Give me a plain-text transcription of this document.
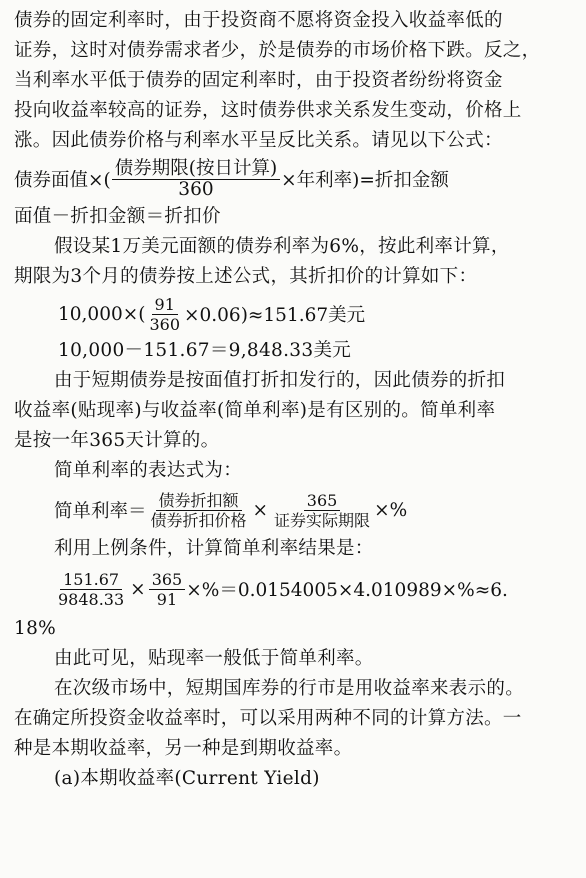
债券的固定利率时，由于投资商不愿将资金投入收益率低的
证券，这时对债券需求者少，於是债券的市场价格下跌。反之，
当利率水平低于债券的固定利率时，由于投资者纷纷将资金
投向收益率较高的证券，这时债券供求关系发生变动，价格上
涨。因此债券价格与利率水平呈反比关系。请见以下公式：
债券面值×( $\frac{\text{债券期限(按日计算)}}{360}$ ×年利率)=折扣金额
面值－折扣金额＝折扣价
假设某1万美元面额的债券利率为6%，按此利率计算，
期限为3个月的债券按上述公式，其折扣价的计算如下：
$10,000\times( \frac{91}{360} \times 0.06)\approx 151.67$美元
10,000－151.67＝9,848.33美元
由于短期债券是按面值打折扣发行的，因此债券的折扣
收益率(贴现率)与收益率(简单利率)是有区别的。简单利率
是按一年365天计算的。
简单利率的表达式为：
简单利率＝ $\frac{\text{债券折扣额}}{\text{债券折扣价格}} \times \frac{365}{\text{证券实际期限}}$ ×%
利用上例条件，计算简单利率结果是：
$\frac{151.67}{9848.33} \times \frac{365}{91} \times\%=0.0154005\times 4.010989\times\%\approx 6$.
18%
由此可见，贴现率一般低于简单利率。
在次级市场中，短期国库券的行市是用收益率来表示的。
在确定所投资金收益率时，可以采用两种不同的计算方法。一
种是本期收益率，另一种是到期收益率。
(a)本期收益率(Current Yield)
